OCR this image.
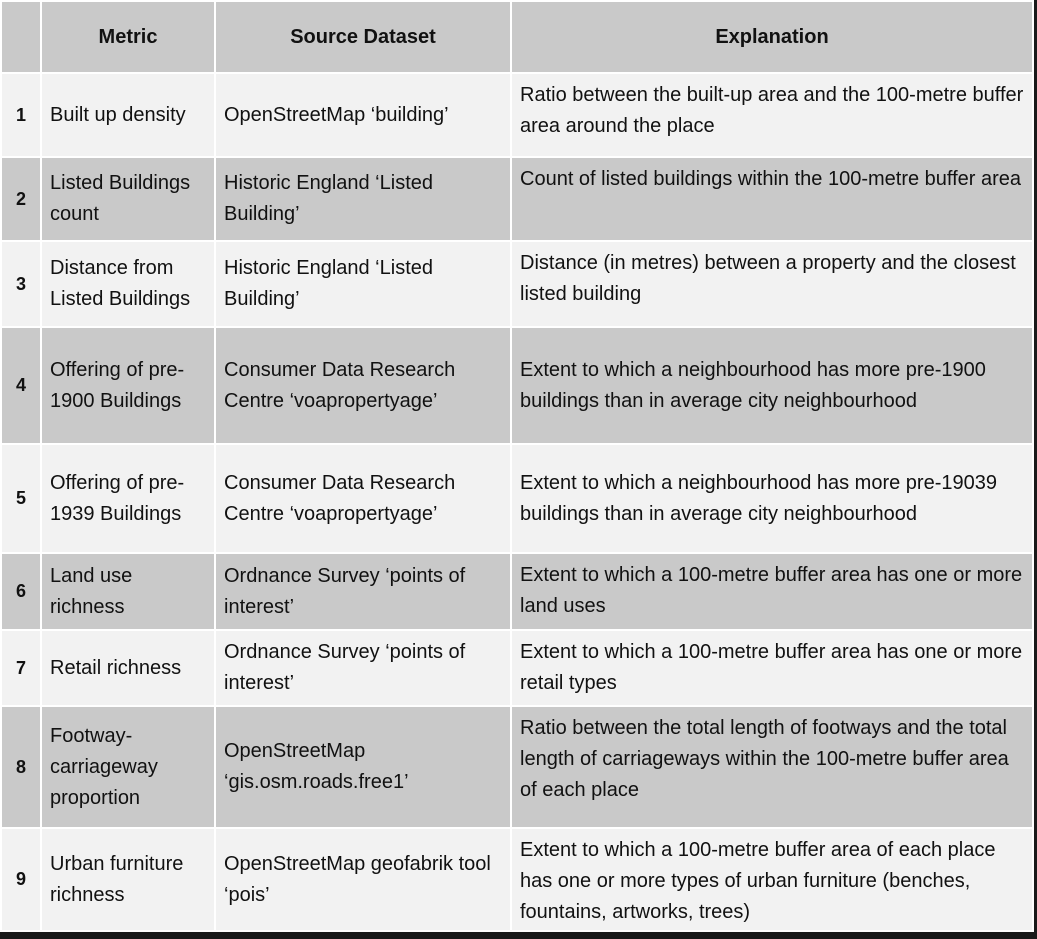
	Metric	Source Dataset	Explanation
1	Built up density	OpenStreetMap ‘building’	Ratio between the built-up area and the 100-metre buffer area around the place
2	Listed Buildings count	Historic England ‘Listed Building’	Count of listed buildings within the 100-metre buffer area
3	Distance from Listed Buildings	Historic England ‘Listed Building’	Distance (in metres) between a property and the closest listed building
4	Offering of pre-1900 Buildings	Consumer Data Research Centre ‘voapropertyage’	Extent to which a neighbourhood has more pre-1900 buildings than in average city neighbourhood
5	Offering of pre-1939 Buildings	Consumer Data Research Centre ‘voapropertyage’	Extent to which a neighbourhood has more pre-19039 buildings than in average city neighbourhood
6	Land use richness	Ordnance Survey ‘points of interest’	Extent to which a 100-metre buffer area has one or more land uses
7	Retail richness	Ordnance Survey ‘points of interest’	Extent to which a 100-metre buffer area has one or more retail types
8	Footway-carriageway proportion	OpenStreetMap ‘gis.osm.roads.free1’	Ratio between the total length of footways and the total length of carriageways within the 100-metre buffer area of each place
9	Urban furniture richness	OpenStreetMap geofabrik tool ‘pois’	Extent to which a 100-metre buffer area of each place has one or more types of urban furniture (benches, fountains, artworks, trees)
